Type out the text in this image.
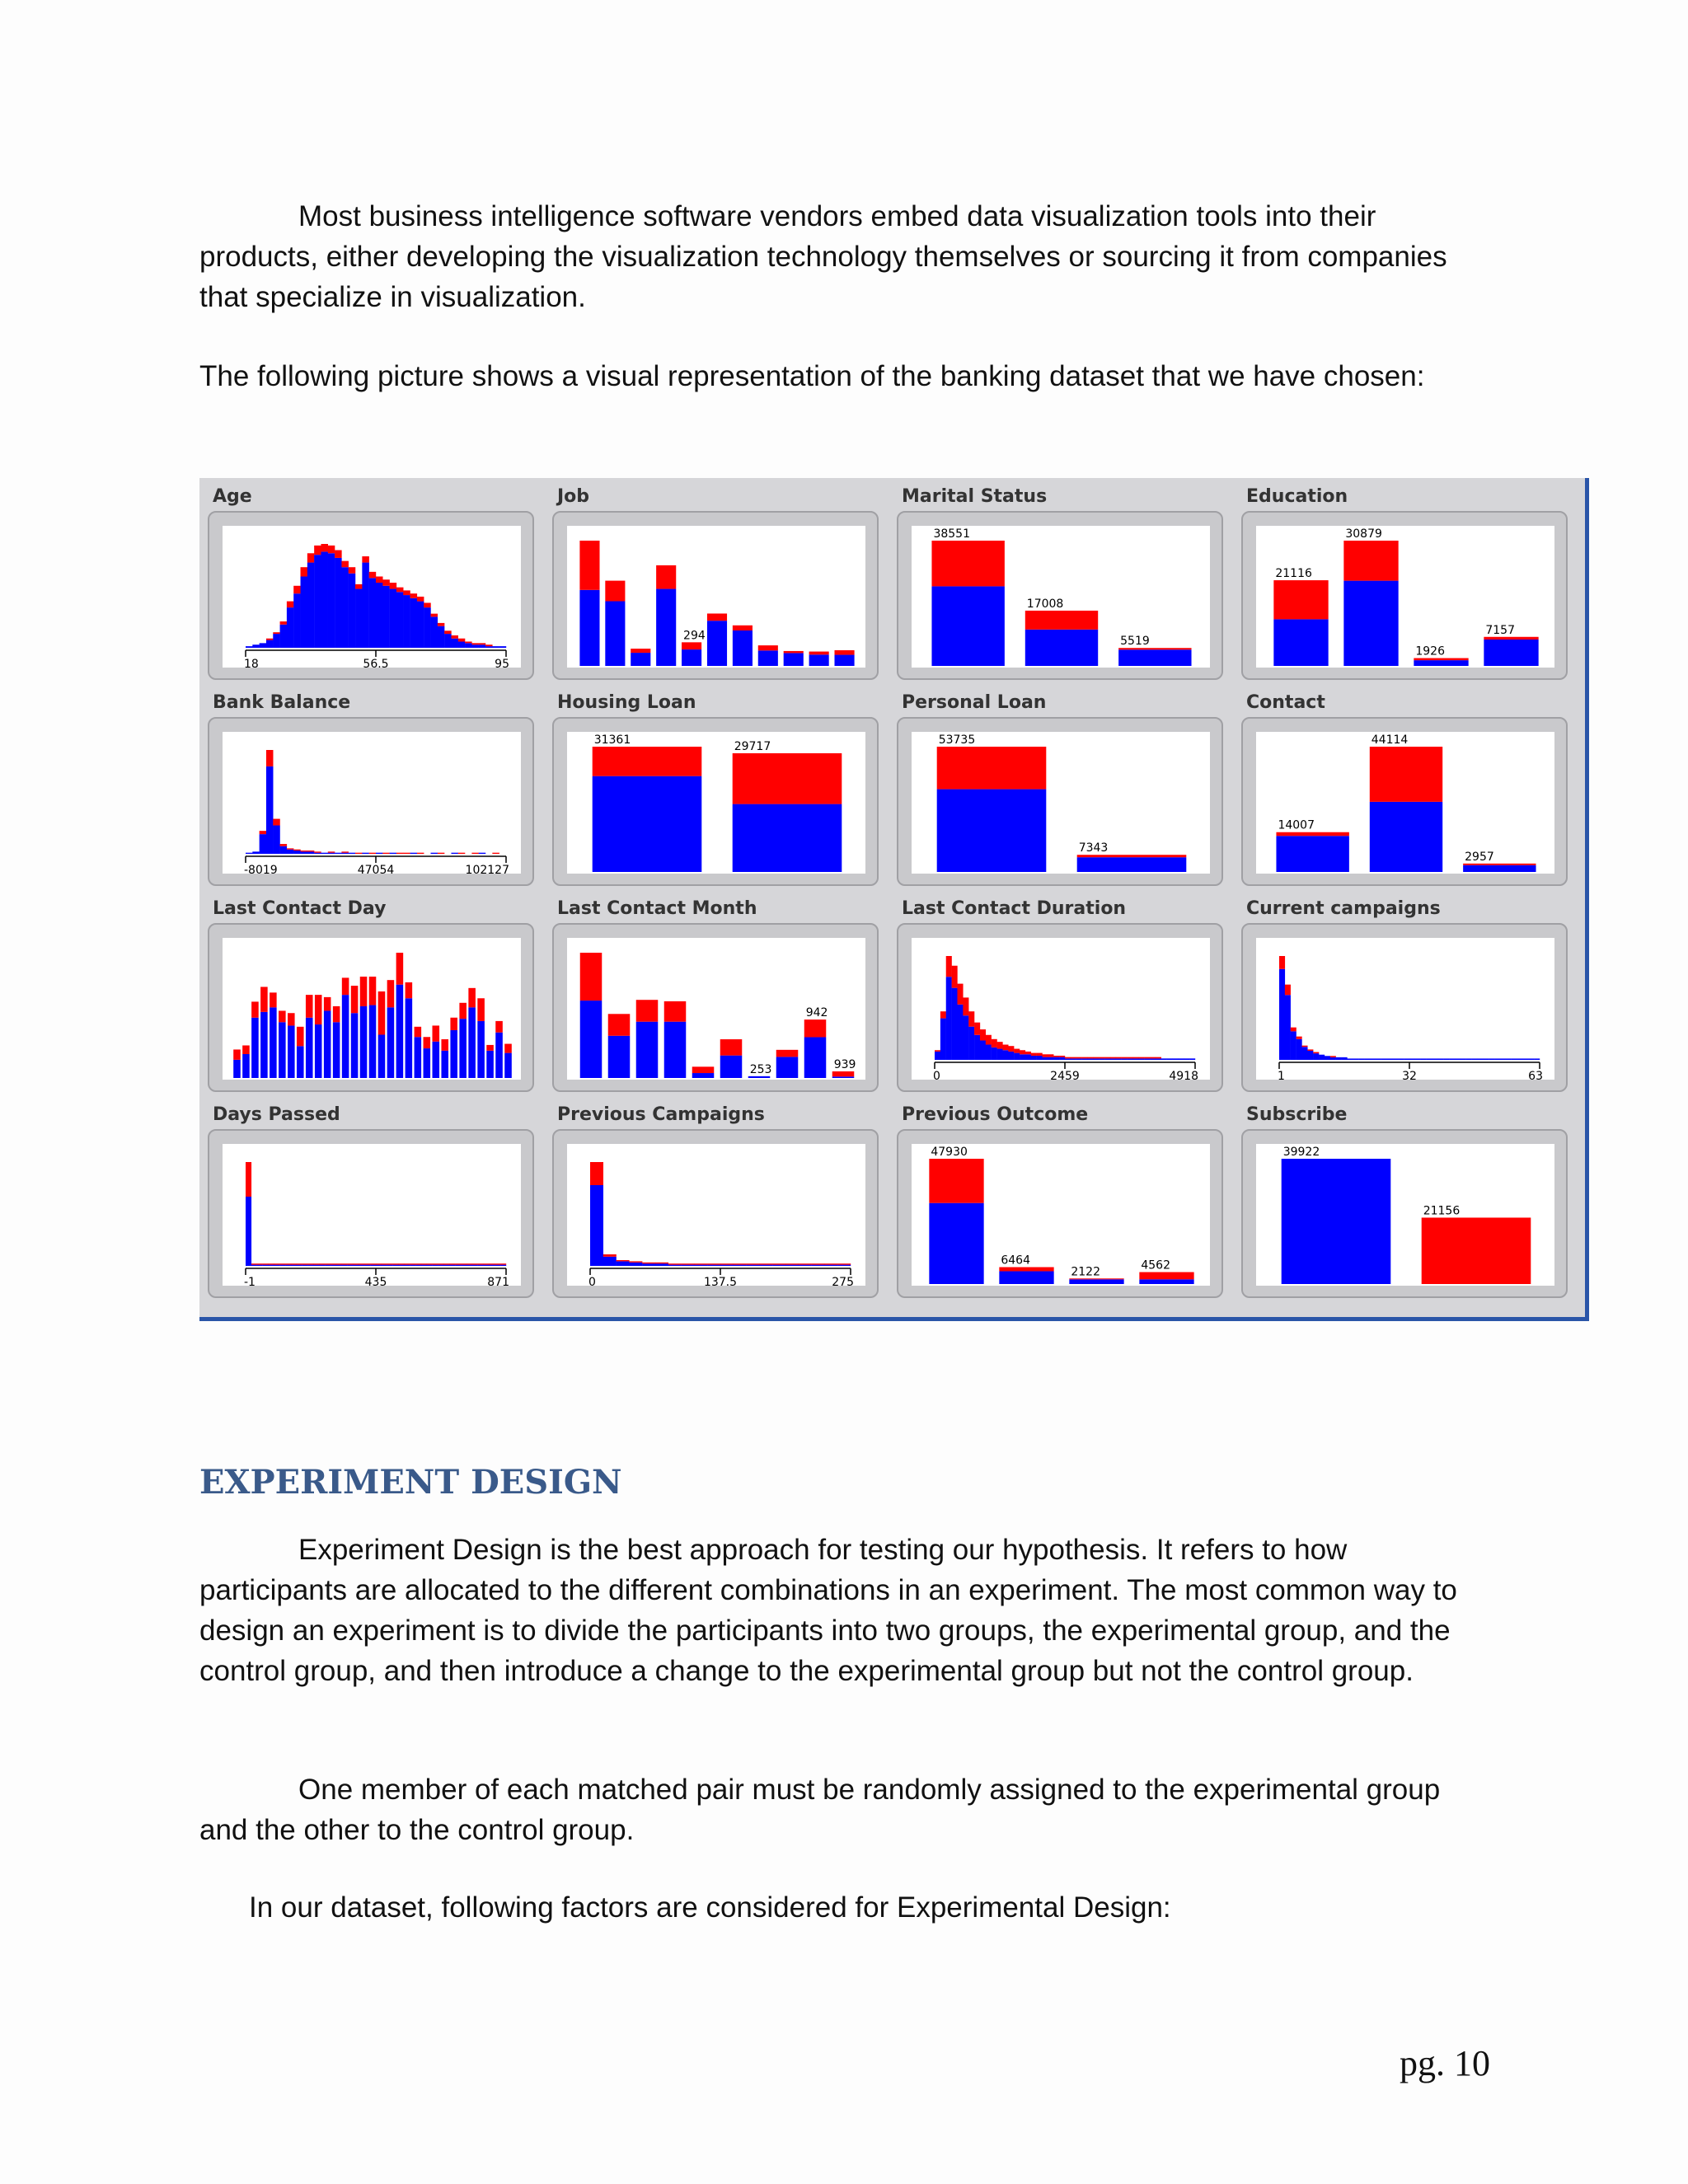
Most business intelligence software vendors embed data visualization tools into their products, either developing the visualization technology themselves or sourcing it from companies that specialize in visualization.

The following picture shows a visual representation of the banking dataset that we have chosen:

Age
18	56.5	95
Job
294
Marital Status
38551
17008
5519
Education
21116
30879
1926
7157
Bank Balance
-8019	47054	102127
Housing Loan
31361	29717
Personal Loan
53735
7343
Contact
14007
44114
2957
Last Contact Day	Last Contact Month
253
942
939
Last Contact Duration
0	2459	4918
Current campaigns
1	32	63
Days Passed
-1	435	871
Previous Campaigns
0	137.5	275
Previous Outcome
47930
6464
2122	4562
Subscribe
39922
21156
EXPERIMENT DESIGN

Experiment Design is the best approach for testing our hypothesis. It refers to how participants are allocated to the different combinations in an experiment. The most common way to design an experiment is to divide the participants into two groups, the experimental group, and the control group, and then introduce a change to the experimental group but not the control group.

One member of each matched pair must be randomly assigned to the experimental group and the other to the control group.

In our dataset, following factors are considered for Experimental Design:

pg. 10
